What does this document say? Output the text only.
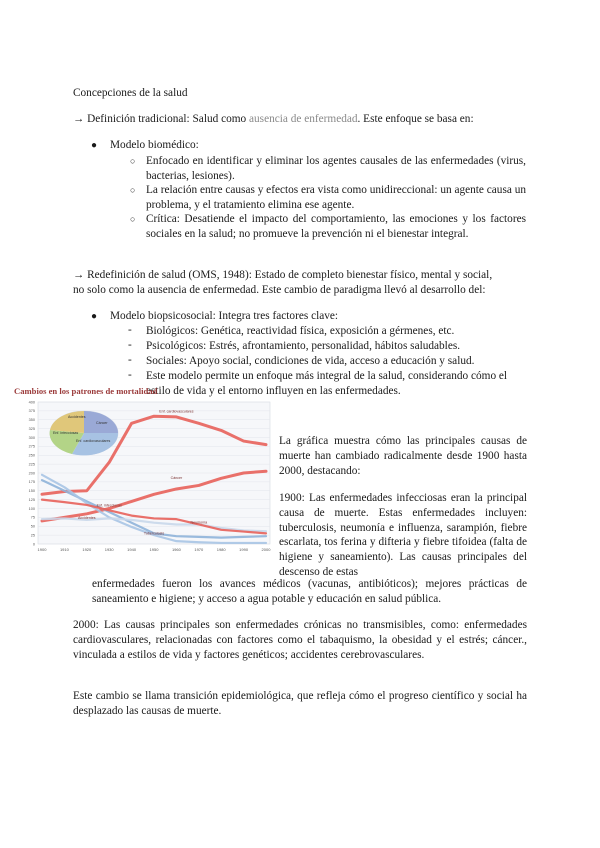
Concepciones de la salud
→ Definición tradicional: Salud como ausencia de enfermedad. Este enfoque se basa en:
● Modelo biomédico:
○ Enfocado en identificar y eliminar los agentes causales de las enfermedades (virus, bacterias, lesiones).
○ La relación entre causas y efectos era vista como unidireccional: un agente causa un problema, y el tratamiento elimina ese agente.
○ Crítica: Desatiende el impacto del comportamiento, las emociones y los factores sociales en la salud; no promueve la prevención ni el bienestar integral.
→ Redefinición de salud (OMS, 1948): Estado de completo bienestar físico, mental y social,
no solo como la ausencia de enfermedad. Este cambio de paradigma llevó al desarrollo del:
● Modelo biopsicosocial: Integra tres factores clave:
- Biológicos: Genética, reactividad física, exposición a gérmenes, etc.
- Psicológicos: Estrés, afrontamiento, personalidad, hábitos saludables.
- Sociales: Apoyo social, condiciones de vida, acceso a educación y salud.
- Este modelo permite un enfoque más integral de la salud, considerando cómo el estilo de vida y el entorno influyen en las enfermedades.
Cambios en los patrones de mortalidad
0
25
50
75
100
125
150
175
200
225
250
275
300
325
350
375
400
1900	1910	1920	1930	1940	1950	1960	1970	1980	1990	2000
Accidentes
Cáncer
Enf. cardiovasculares
Enf. infecciosas
Enf. cardiovasculares
Cáncer
Enf. infecciosas
Tuberculosis
Accidentes
Neumonía
La gráfica muestra cómo las principales causas de muerte han cambiado radicalmente desde 1900 hasta 2000, destacando:
1900: Las enfermedades infecciosas eran la principal causa de muerte. Estas enfermedades incluyen: tuberculosis, neumonía e influenza, sarampión, fiebre escarlata, tos ferina y difteria y fiebre tifoidea (falta de higiene y saneamiento). Las causas principales del descenso de estas
enfermedades fueron los avances médicos (vacunas, antibióticos); mejores prácticas de saneamiento e higiene; y acceso a agua potable y educación en salud pública.
2000: Las causas principales son enfermedades crónicas no transmisibles, como: enfermedades cardiovasculares, relacionadas con factores como el tabaquismo, la obesidad y el estrés; cáncer., vinculada a estilos de vida y factores genéticos; accidentes cerebrovasculares.
Este cambio se llama transición epidemiológica, que refleja cómo el progreso científico y social ha desplazado las causas de muerte.
